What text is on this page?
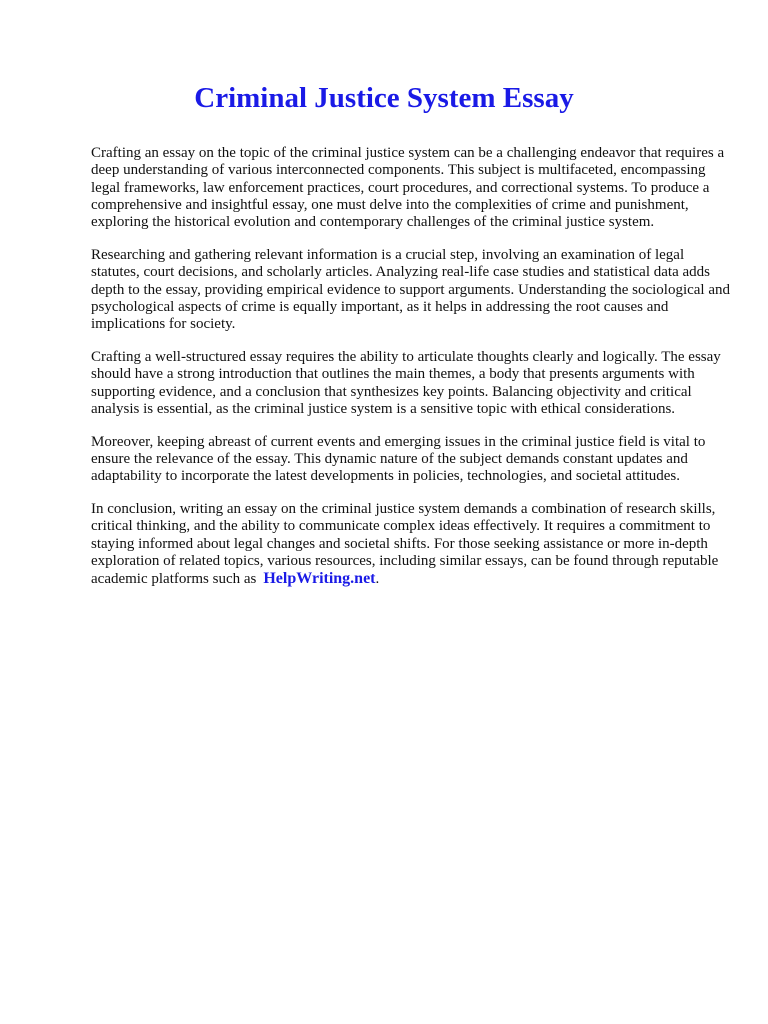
Criminal Justice System Essay

Crafting an essay on the topic of the criminal justice system can be a challenging endeavor that requires a deep understanding of various interconnected components. This subject is multifaceted, encompassing legal frameworks, law enforcement practices, court procedures, and correctional systems. To produce a comprehensive and insightful essay, one must delve into the complexities of crime and punishment, exploring the historical evolution and contemporary challenges of the criminal justice system.

Researching and gathering relevant information is a crucial step, involving an examination of legal statutes, court decisions, and scholarly articles. Analyzing real-life case studies and statistical data adds depth to the essay, providing empirical evidence to support arguments. Understanding the sociological and psychological aspects of crime is equally important, as it helps in addressing the root causes and implications for society.

Crafting a well-structured essay requires the ability to articulate thoughts clearly and logically. The essay should have a strong introduction that outlines the main themes, a body that presents arguments with supporting evidence, and a conclusion that synthesizes key points. Balancing objectivity and critical analysis is essential, as the criminal justice system is a sensitive topic with ethical considerations.

Moreover, keeping abreast of current events and emerging issues in the criminal justice field is vital to ensure the relevance of the essay. This dynamic nature of the subject demands constant updates and adaptability to incorporate the latest developments in policies, technologies, and societal attitudes.

In conclusion, writing an essay on the criminal justice system demands a combination of research skills, critical thinking, and the ability to communicate complex ideas effectively. It requires a commitment to staying informed about legal changes and societal shifts. For those seeking assistance or more in-depth exploration of related topics, various resources, including similar essays, can be found through reputable academic platforms such as HelpWriting.net.
